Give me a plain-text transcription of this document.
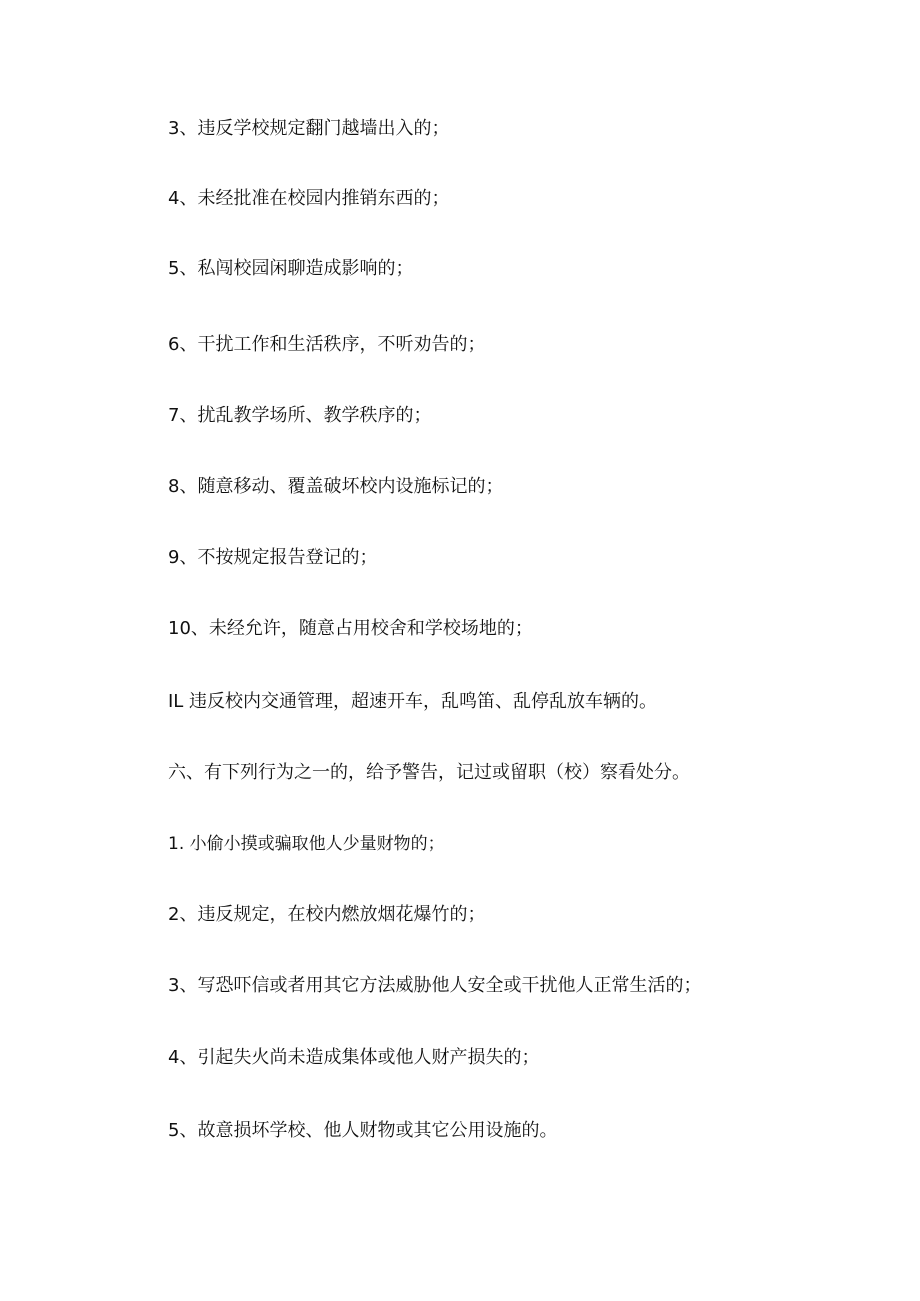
3、违反学校规定翻门越墙出入的；

4、未经批准在校园内推销东西的；

5、私闯校园闲聊造成影响的；

6、干扰工作和生活秩序，不听劝告的；

7、扰乱教学场所、教学秩序的；

8、随意移动、覆盖破坏校内设施标记的；

9、不按规定报告登记的；

10、未经允许，随意占用校舍和学校场地的；

IL 违反校内交通管理，超速开车，乱鸣笛、乱停乱放车辆的。

六、有下列行为之一的，给予警告，记过或留职（校）察看处分。

1. 小偷小摸或骗取他人少量财物的；

2、违反规定，在校内燃放烟花爆竹的；

3、写恐吓信或者用其它方法威胁他人安全或干扰他人正常生活的；

4、引起失火尚未造成集体或他人财产损失的；

5、故意损坏学校、他人财物或其它公用设施的。
